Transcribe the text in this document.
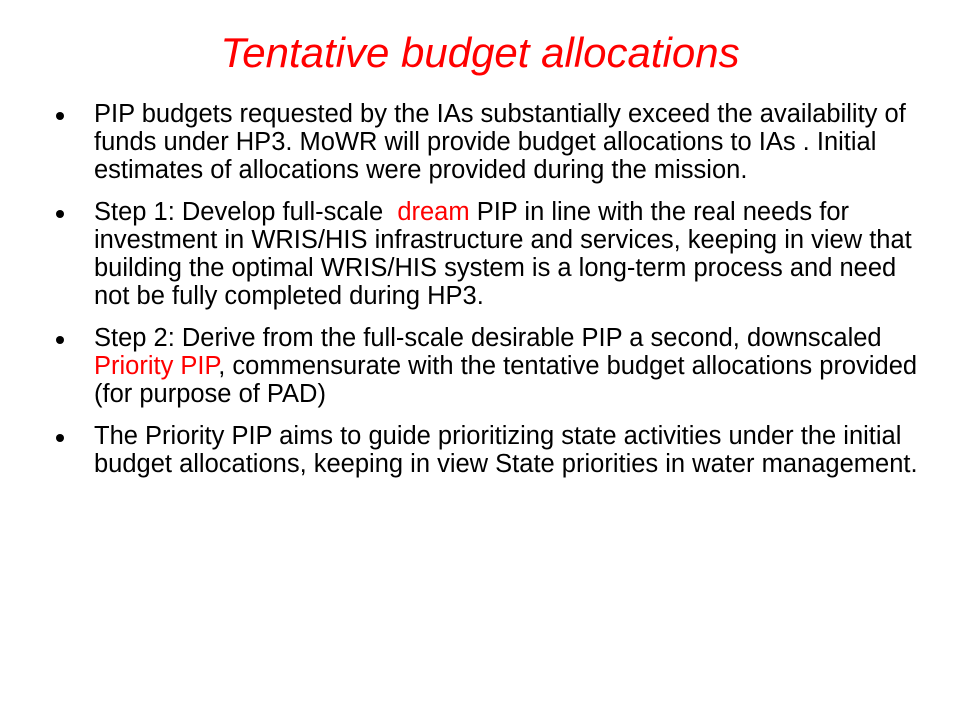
Tentative budget allocations
PIP budgets requested by the IAs substantially exceed the availability of funds under HP3. MoWR will provide budget allocations to IAs . Initial estimates of allocations were provided during the mission.
Step 1: Develop full-scale  dream PIP in line with the real needs for investment in WRIS/HIS infrastructure and services, keeping in view that building the optimal WRIS/HIS system is a long-term process and need not be fully completed during HP3.
Step 2: Derive from the full-scale desirable PIP a second, downscaled Priority PIP, commensurate with the tentative budget allocations provided (for purpose of PAD)
The Priority PIP aims to guide prioritizing state activities under the initial budget allocations, keeping in view State priorities in water management.
